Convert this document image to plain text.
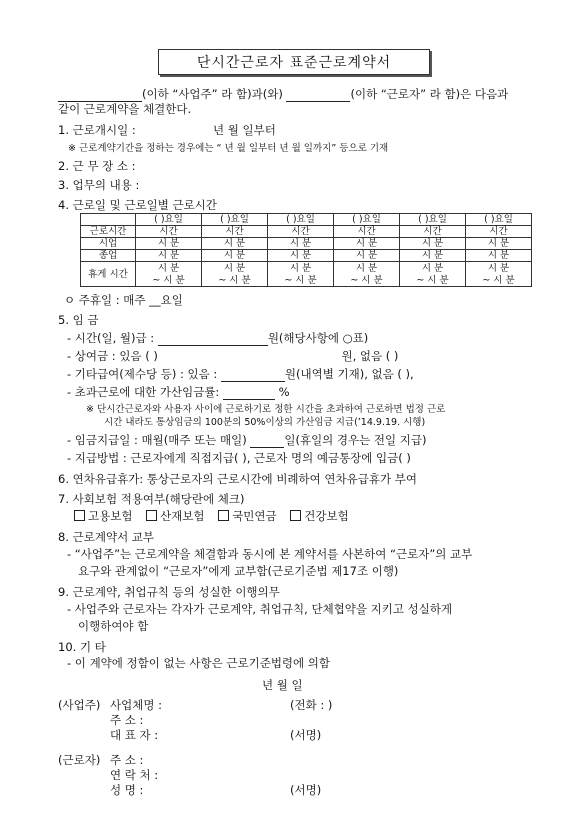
단시간근로자 표준근로계약서
(이하 “사업주” 라 함)과(와)	(이하 “근로자” 라 함)은 다음과
같이 근로계약을 체결한다.
1. 근로개시일 :	년 월 일부터
※ 근로계약기간을 정하는 경우에는 “ 년 월 일부터 년 월 일까지” 등으로 기재
2. 근 무 장 소 :
3. 업무의 내용 :
4. 근로일 및 근로일별 근로시간
	( )요일	( )요일	( )요일	( )요일	( )요일	( )요일
근로시간	시간	시간	시간	시간	시간	시간
시업	시 분	시 분	시 분	시 분	시 분	시 분
종업	시 분	시 분	시 분	시 분	시 분	시 분
휴게 시간	시 분	시 분	시 분	시 분	시 분	시 분
	~ 시 분	~ 시 분	~ 시 분	~ 시 분	~ 시 분	~ 시 분
ㅇ 주휴일 : 매주 __요일
5. 임 금
- 시간(일, 월)급 :	원(해당사항에 ○표)
- 상여금 : 있음 ( )	원, 없음 ( )
- 기타급여(제수당 등) : 있음 :	원(내역별 기재), 없음 ( ),
- 초과근로에 대한 가산임금률:	%
※ 단시간근로자와 사용자 사이에 근로하기로 정한 시간을 초과하여 근로하면 법정 근로
시간 내라도 통상임금의 100분의 50%이상의 가산임금 지급(’14.9.19. 시행)
- 임금지급일 : 매월(매주 또는 매일)	일(휴일의 경우는 전일 지급)
- 지급방법 : 근로자에게 직접지급( ), 근로자 명의 예금통장에 입금( )
6. 연차유급휴가: 통상근로자의 근로시간에 비례하여 연차유급휴가 부여
7. 사회보험 적용여부(해당란에 체크)
고용보험 산재보험 국민연금 건강보험
8. 근로계약서 교부
- “사업주”는 근로계약을 체결함과 동시에 본 계약서를 사본하여 “근로자”의 교부
요구와 관계없이 “근로자”에게 교부함(근로기준법 제17조 이행)
9. 근로계약, 취업규칙 등의 성실한 이행의무
- 사업주와 근로자는 각자가 근로계약, 취업규칙, 단체협약을 지키고 성실하게
이행하여야 함
10. 기 타
- 이 계약에 정함이 없는 사항은 근로기준법령에 의함
년 월 일
(사업주) 사업체명 :	(전화 : )
주 소 :
대 표 자 :	(서명)
(근로자) 주 소 :
연 락 처 :
성 명 :	(서명)
